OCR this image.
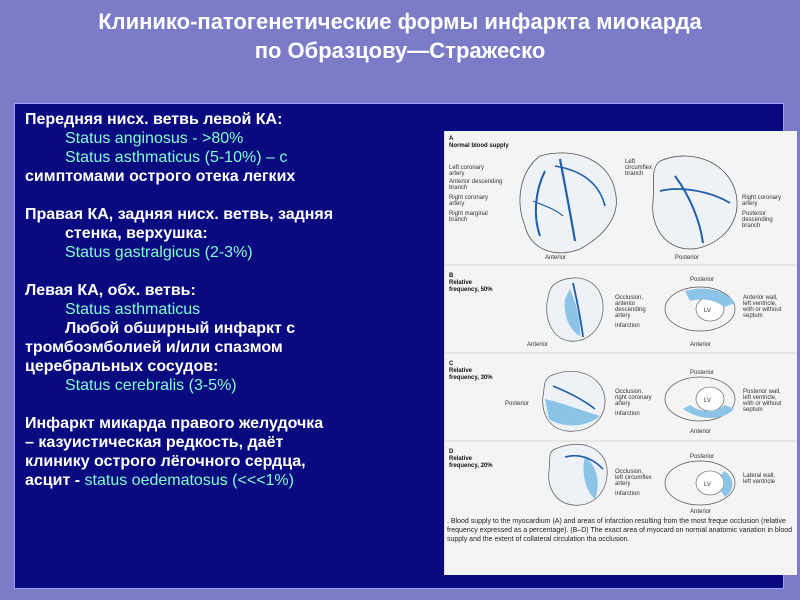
Клинико-патогенетические формы инфаркта миокарда
по Образцову—Стражеско

Передняя нисх. ветвь левой КА:

Status anginosus - >80%

Status asthmaticus (5-10%) – с

симптомами острого отека легких

Правая КА, задняя нисх. ветвь, задняя

стенка, верхушка:

Status gastralgicus (2-3%)

Левая КА, обх. ветвь:

Status asthmaticus

Любой обширный инфаркт с

тромбоэмболией и/или спазмом

церебральных сосудов:

Status cerebralis (3-5%)

Инфаркт микарда правого желудочка

– казуистическая редкость, даёт

клинику острого лёгочного сердца,

асцит - status oedematosus (<<<1%)

A
Normal blood supply
Left coronary
artery
Anterior descending
branch
Right coronary
artery
Right marginal
branch
Left
circumflex
branch
Right coronary
artery
Posterior
descending
branch
Anterior	Posterior
B
Relative
frequency, 50%
Occlusion,
anterior
descending
artery
Infarction
Anterior
Posterior
Anterior
Anterior wall,
left ventricle,
with or without
septum
LV
C
Relative
frequency, 30%
Occlusion,
right coronary
artery
Infarction
Posterior
Posterior
Anterior
Posterior wall,
left ventricle,
with or without
septum
LV
D
Relative
frequency, 20%
Occlusion,
left circumflex
artery
Infarction
Posterior
Anterior
Lateral wall,
left ventricle
LV
. Blood supply to the myocardium (A) and areas of infarction resulting from the most freque occlusion (relative frequency expressed as a percentage). (B–D) The exact area of myocard on normal anatomic variation in blood supply and the extent of collateral circulation tha occlusion.
